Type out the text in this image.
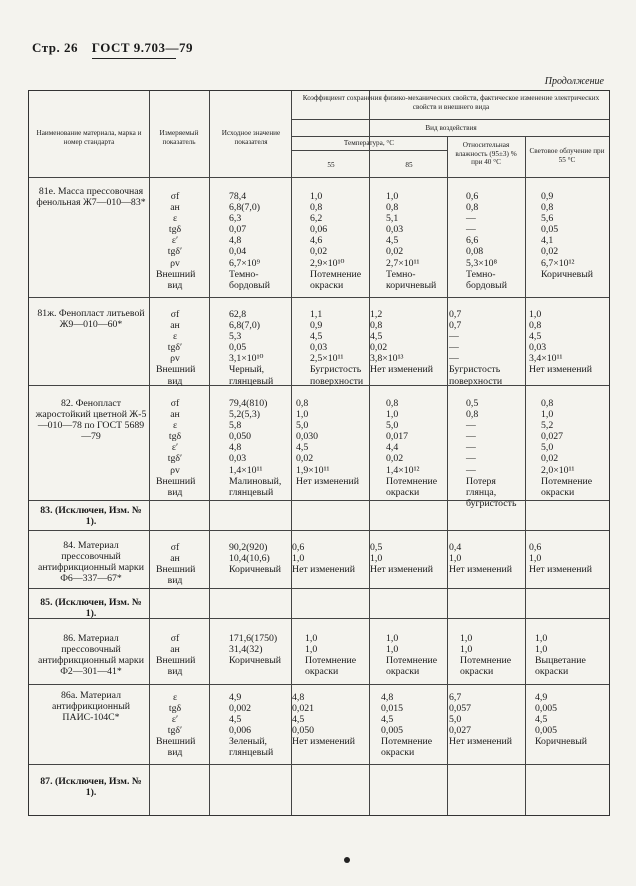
Стр. 26 ГОСТ 9.703—79
Продолжение
Наименование материала, марка и номер стандарта
Измеряемый показатель
Исходное значение показателя
Коэффициент сохранения физико-механических свойств, фактическое изменение электрических свойств и внешнего вида
Вид воздействия
Температура, °С
55	85
Относительная влажность (95±3) % при 40 °С
Световое облучение при 55 °С
81е. Масса прессовочная фенольная Ж7—010—83*
σf
aн
ε
tgδ
ε′
tgδ′
ρv
Внешний
вид
78,4
6,8(7,0)
6,3
0,07
4,8
0,04
6,7×10⁹
Темно-
бордовый
1,0
0,8
6,2
0,06
4,6
0,02
2,9×10¹⁰
Потемнение
окраски
1,0
0,8
5,1
0,03
4,5
0,02
2,7×10¹¹
Темно-
коричневый
0,6
0,8
—
—
6,6
0,08
5,3×10⁸
Темно-
бордовый
0,9
0,8
5,6
0,05
4,1
0,02
6,7×10¹²
Коричневый
81ж. Фенопласт литьевой Ж9—010—60*
σf
aн
ε
tgδ′
ρv
Внешний
вид
62,8
6,8(7,0)
5,3
0,05
3,1×10¹⁰
Черный,
глянцевый
1,1
0,9
4,5
0,03
2,5×10¹¹
Бугристость
поверхности
1,2
0,8
4,5
0,02
3,8×10¹³
Нет изменений
0,7
0,7
—
—
—
Бугристость
поверхности
1,0
0,8
4,5
0,03
3,4×10¹¹
Нет изменений
82. Фенопласт жаростойкий цветной Ж-5—010—78 по ГОСТ 5689—79
σf
aн
ε
tgδ
ε′
tgδ′
ρv
Внешний
вид
79,4(810)
5,2(5,3)
5,8
0,050
4,8
0,03
1,4×10¹¹
Малиновый,
глянцевый
0,8
1,0
5,0
0,030
4,5
0,02
1,9×10¹¹
Нет изменений
0,8
1,0
5,0
0,017
4,4
0,02
1,4×10¹²
Потемнение
окраски
0,5
0,8
—
—
—
—
—
Потеря
глянца,
бугристость
0,8
1,0
5,2
0,027
5,0
0,02
2,0×10¹¹
Потемнение
окраски
83. (Исключен, Изм. № 1).
84. Материал прессовочный антифрикционный марки Ф6—337—67*
σf
aн
Внешний
вид
90,2(920)
10,4(10,6)
Коричневый
0,6
1,0
Нет изменений
0,5
1,0
Нет изменений
0,4
1,0
Нет изменений
0,6
1,0
Нет изменений
85. (Исключен, Изм. № 1).
86. Материал прессовочный антифрикционный марки Ф2—301—41*
σf
aн
Внешний
вид
171,6(1750)
31,4(32)
Коричневый
1,0
1,0
Потемнение
окраски
1,0
1,0
Потемнение
окраски
1,0
1,0
Потемнение
окраски
1,0
1,0
Выцветание
окраски
86а. Материал антифрикционный ПАИС-104С*
ε
tgδ
ε′
tgδ′
Внешний
вид
4,9
0,002
4,5
0,006
Зеленый,
глянцевый
4,8
0,021
4,5
0,050
Нет изменений
4,8
0,015
4,5
0,005
Потемнение
окраски
6,7
0,057
5,0
0,027
Нет изменений
4,9
0,005
4,5
0,005
Коричневый
87. (Исключен, Изм. № 1).
